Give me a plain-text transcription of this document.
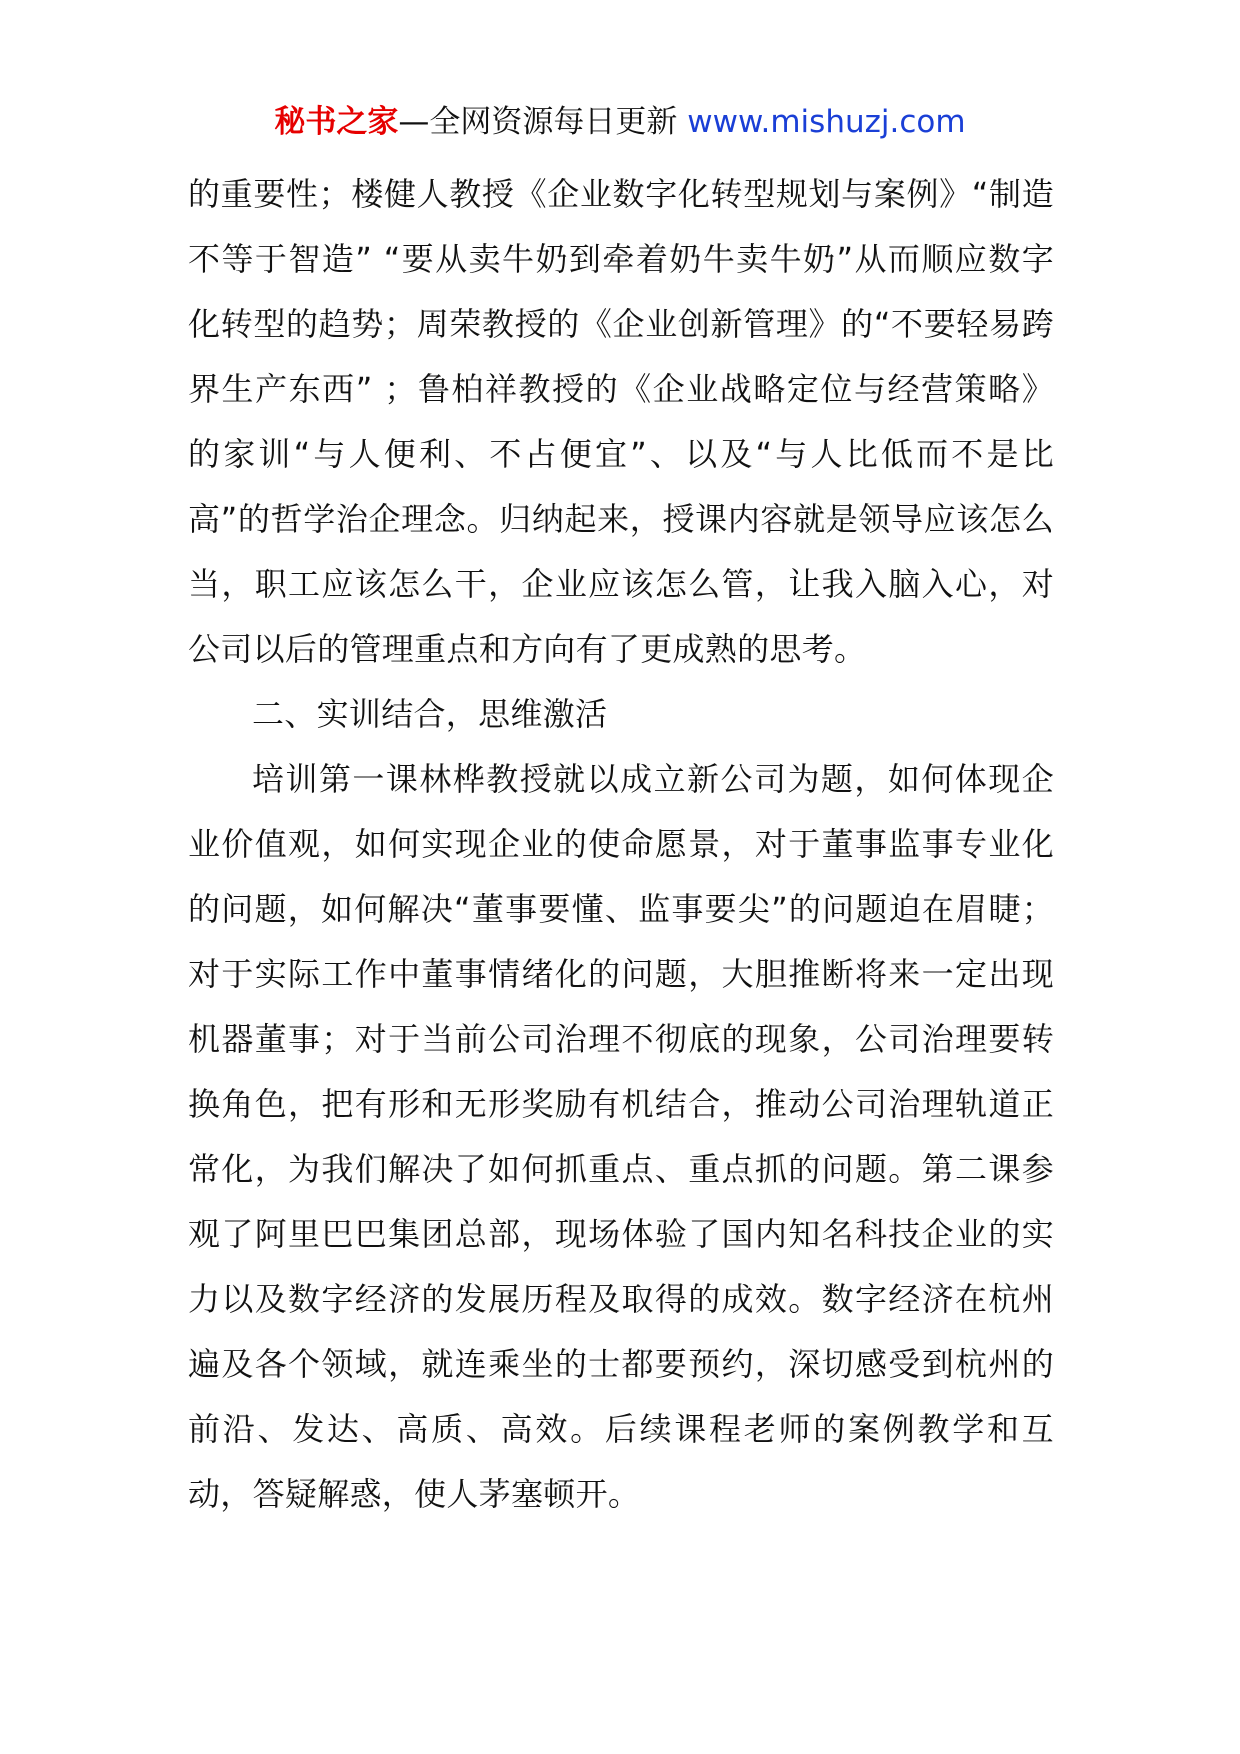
秘书之家—全网资源每日更新 www.mishuzj.com

的重要性；楼健人教授《企业数字化转型规划与案例》“制造不等于智造” “要从卖牛奶到牵着奶牛卖牛奶”从而顺应数字化转型的趋势；周荣教授的《企业创新管理》的“不要轻易跨界生产东西” ；鲁柏祥教授的《企业战略定位与经营策略》的家训“与人便利、不占便宜”、以及“与人比低而不是比高”的哲学治企理念。归纳起来，授课内容就是领导应该怎么当，职工应该怎么干，企业应该怎么管，让我入脑入心，对公司以后的管理重点和方向有了更成熟的思考。

二、实训结合，思维激活

培训第一课林桦教授就以成立新公司为题，如何体现企业价值观，如何实现企业的使命愿景，对于董事监事专业化的问题，如何解决“董事要懂、监事要尖”的问题迫在眉睫；对于实际工作中董事情绪化的问题，大胆推断将来一定出现机器董事；对于当前公司治理不彻底的现象，公司治理要转换角色，把有形和无形奖励有机结合，推动公司治理轨道正常化，为我们解决了如何抓重点、重点抓的问题。第二课参观了阿里巴巴集团总部，现场体验了国内知名科技企业的实力以及数字经济的发展历程及取得的成效。数字经济在杭州遍及各个领域，就连乘坐的士都要预约，深切感受到杭州的前沿、发达、高质、高效。后续课程老师的案例教学和互动，答疑解惑，使人茅塞顿开。
